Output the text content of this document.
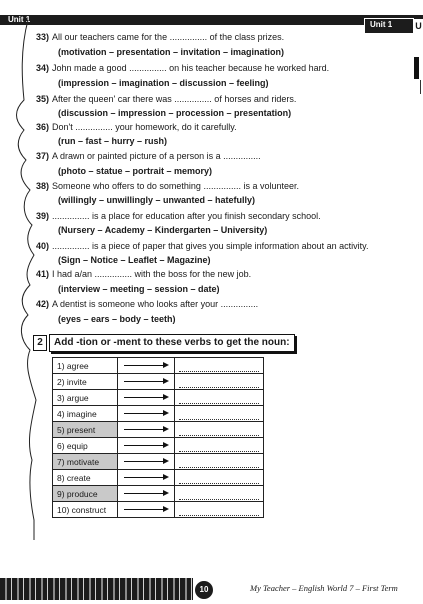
Unit 1
Unit 1	U
33) All our teachers came for the ............... of the class prizes.
(motivation – presentation – invitation – imagination)
34) John made a good ............... on his teacher because he worked hard.
(impression – imagination – discussion – feeling)
35) After the queen' car there was ............... of horses and riders.
(discussion – impression – procession – presentation)
36) Don't ............... your homework, do it carefully.
(run – fast – hurry – rush)
37) A drawn or painted picture of a person is a ...............
(photo – statue – portrait – memory)
38) Someone who offers to do something ............... is a volunteer.
(willingly – unwillingly – unwanted – hatefully)
39) ............... is a place for education after you finish secondary school.
(Nursery – Academy – Kindergarten – University)
40) ............... is a piece of paper that gives you simple information about an activity.
(Sign – Notice – Leaflet – Magazine)
41) I had a/an ............... with the boss for the new job.
(interview – meeting – session – date)
42) A dentist is someone who looks after your ...............
(eyes – ears – body – teeth)
2	Add -tion or -ment to these verbs to get the noun:
1) agree	

2) invite	

3) argue	

4) imagine	

5) present	

6) equip	

7) motivate	

8) create	

9) produce	

10) construct	

10	My Teacher – English World 7 – First Term
